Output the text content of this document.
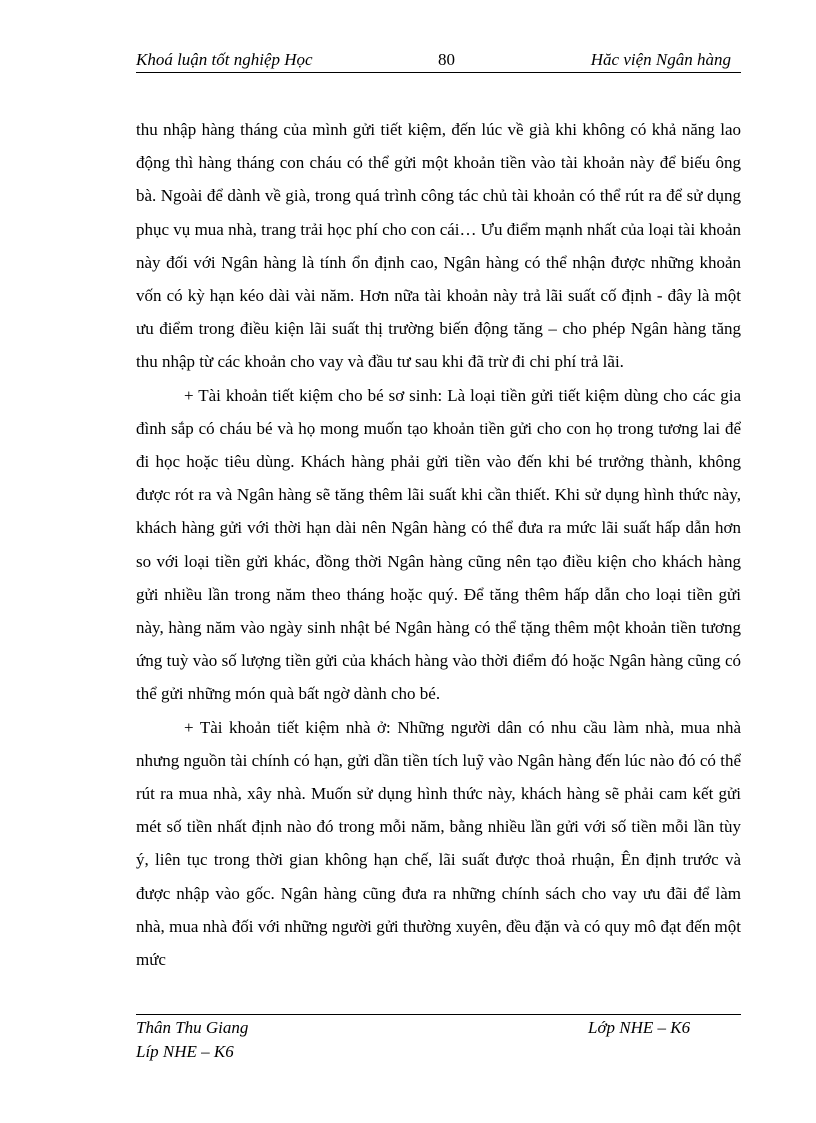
Khoá luận tốt nghiệp Học	80	Hăc viện Ngân hàng

thu nhập hàng tháng của mình gửi tiết kiệm, đến lúc về già khi không có khả năng lao động thì hàng tháng con cháu có thể gửi một khoản tiền vào tài khoản này để biếu ông bà. Ngoài để dành về già, trong quá trình công tác chủ tài khoản có thể rút ra để sử dụng phục vụ mua nhà, trang trải học phí cho con cái… Ưu điểm mạnh nhất của loại tài khoản này đối với Ngân hàng là tính ổn định cao, Ngân hàng có thể nhận được những khoản vốn có kỳ hạn kéo dài vài năm. Hơn nữa tài khoản này trả lãi suất cố định - đây là một ưu điểm trong điều kiện lãi suất thị trường biến động tăng – cho phép Ngân hàng tăng thu nhập từ các khoản cho vay và đầu tư sau khi đã trừ đi chi phí trả lãi.

+ Tài khoản tiết kiệm cho bé sơ sinh: Là loại tiền gửi tiết kiệm dùng cho các gia đình sắp có cháu bé và họ mong muốn tạo khoản tiền gửi cho con họ trong tương lai để đi học hoặc tiêu dùng. Khách hàng phải gửi tiền vào đến khi bé trưởng thành, không được rót ra và Ngân hàng sẽ tăng thêm lãi suất khi cần thiết. Khi sử dụng hình thức này, khách hàng gửi với thời hạn dài nên Ngân hàng có thể đưa ra mức lãi suất hấp dẫn hơn so với loại tiền gửi khác, đồng thời Ngân hàng cũng nên tạo điều kiện cho khách hàng gửi nhiều lần trong năm theo tháng hoặc quý. Để tăng thêm hấp dẫn cho loại tiền gửi này, hàng năm vào ngày sinh nhật bé Ngân hàng có thể tặng thêm một khoản tiền tương ứng tuỳ vào số lượng tiền gửi của khách hàng vào thời điểm đó hoặc Ngân hàng cũng có thể gửi những món quà bất ngờ dành cho bé.

+ Tài khoản tiết kiệm nhà ở: Những người dân có nhu cầu làm nhà, mua nhà nhưng nguồn tài chính có hạn, gửi dần tiền tích luỹ vào Ngân hàng đến lúc nào đó có thể rút ra mua nhà, xây nhà. Muốn sử dụng hình thức này, khách hàng sẽ phải cam kết gửi mét số tiền nhất định nào đó trong mỗi năm, bằng nhiều lần gửi với số tiền mỗi lần tùy ý, liên tục trong thời gian không hạn chế, lãi suất được thoả rhuận, Ên định trước và được nhập vào gốc. Ngân hàng cũng đưa ra những chính sách cho vay ưu đãi để làm nhà, mua nhà đối với những người gửi thường xuyên, đều đặn và có quy mô đạt đến một mức

Thân Thu Giang	Lớp NHE – K6
Líp NHE – K6
